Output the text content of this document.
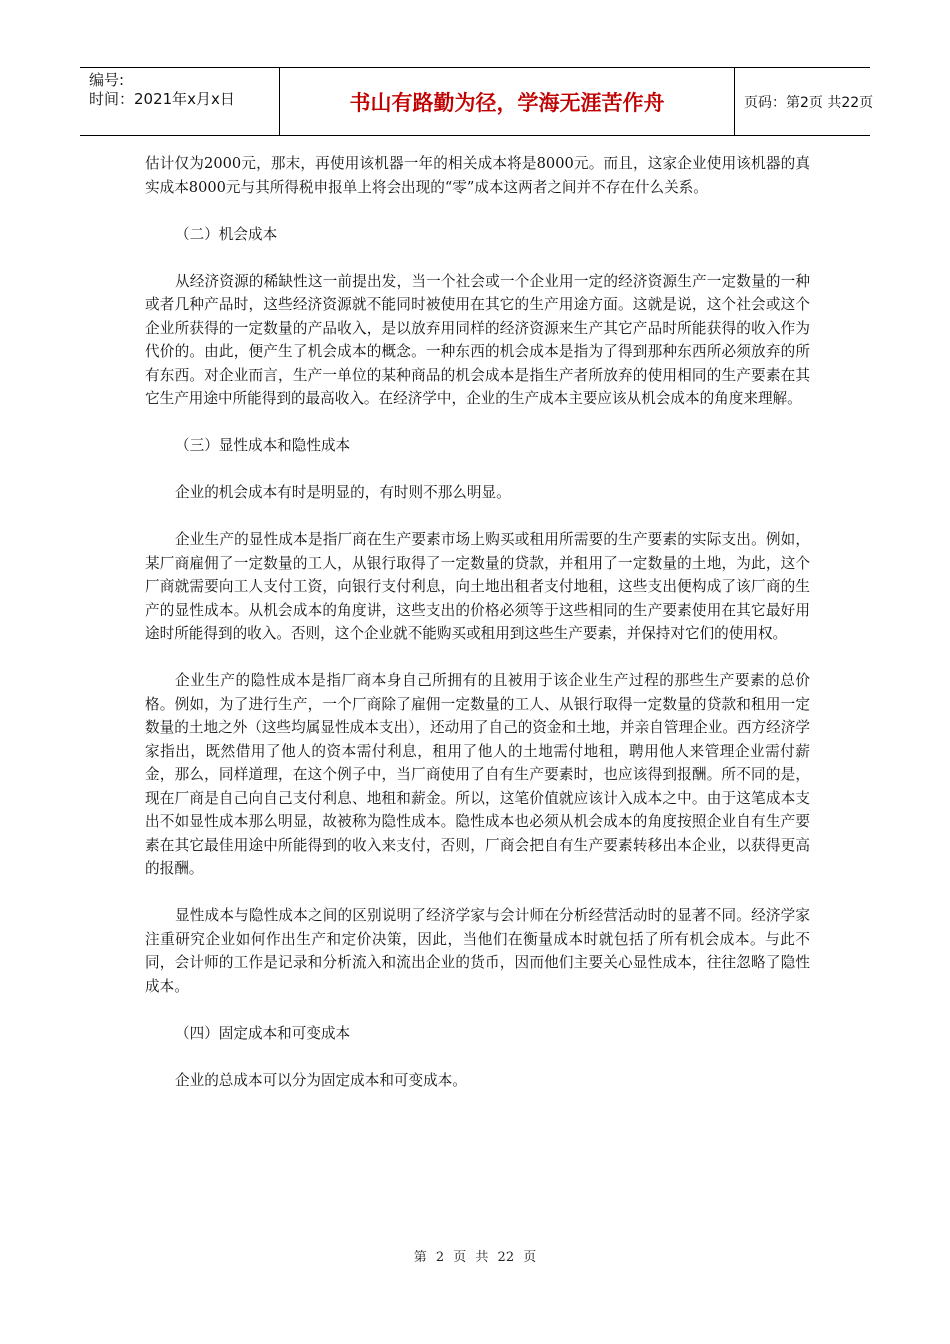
编号:
时间：2021年x月x日	书山有路勤为径，学海无涯苦作舟	页码：第2页 共22页

估计仅为2000元，那末，再使用该机器一年的相关成本将是8000元。而且，这家企业使用该机器的真实成本8000元与其所得税申报单上将会出现的“零”成本这两者之间并不存在什么关系。

（二）机会成本

从经济资源的稀缺性这一前提出发，当一个社会或一个企业用一定的经济资源生产一定数量的一种或者几种产品时，这些经济资源就不能同时被使用在其它的生产用途方面。这就是说，这个社会或这个企业所获得的一定数量的产品收入，是以放弃用同样的经济资源来生产其它产品时所能获得的收入作为代价的。由此，便产生了机会成本的概念。一种东西的机会成本是指为了得到那种东西所必须放弃的所有东西。对企业而言，生产一单位的某种商品的机会成本是指生产者所放弃的使用相同的生产要素在其它生产用途中所能得到的最高收入。在经济学中，企业的生产成本主要应该从机会成本的角度来理解。

（三）显性成本和隐性成本

企业的机会成本有时是明显的，有时则不那么明显。

企业生产的显性成本是指厂商在生产要素市场上购买或租用所需要的生产要素的实际支出。例如，某厂商雇佣了一定数量的工人，从银行取得了一定数量的贷款，并租用了一定数量的土地，为此，这个厂商就需要向工人支付工资，向银行支付利息，向土地出租者支付地租，这些支出便构成了该厂商的生产的显性成本。从机会成本的角度讲，这些支出的价格必须等于这些相同的生产要素使用在其它最好用途时所能得到的收入。否则，这个企业就不能购买或租用到这些生产要素，并保持对它们的使用权。

企业生产的隐性成本是指厂商本身自己所拥有的且被用于该企业生产过程的那些生产要素的总价格。例如，为了进行生产，一个厂商除了雇佣一定数量的工人、从银行取得一定数量的贷款和租用一定数量的土地之外（这些均属显性成本支出），还动用了自己的资金和土地，并亲自管理企业。西方经济学家指出，既然借用了他人的资本需付利息，租用了他人的土地需付地租，聘用他人来管理企业需付薪金，那么，同样道理，在这个例子中，当厂商使用了自有生产要素时，也应该得到报酬。所不同的是，现在厂商是自己向自己支付利息、地租和薪金。所以，这笔价值就应该计入成本之中。由于这笔成本支出不如显性成本那么明显，故被称为隐性成本。隐性成本也必须从机会成本的角度按照企业自有生产要素在其它最佳用途中所能得到的收入来支付，否则，厂商会把自有生产要素转移出本企业，以获得更高的报酬。

显性成本与隐性成本之间的区别说明了经济学家与会计师在分析经营活动时的显著不同。经济学家注重研究企业如何作出生产和定价决策，因此，当他们在衡量成本时就包括了所有机会成本。与此不同，会计师的工作是记录和分析流入和流出企业的货币，因而他们主要关心显性成本，往往忽略了隐性成本。

（四）固定成本和可变成本

企业的总成本可以分为固定成本和可变成本。

第 2 页 共 22 页
